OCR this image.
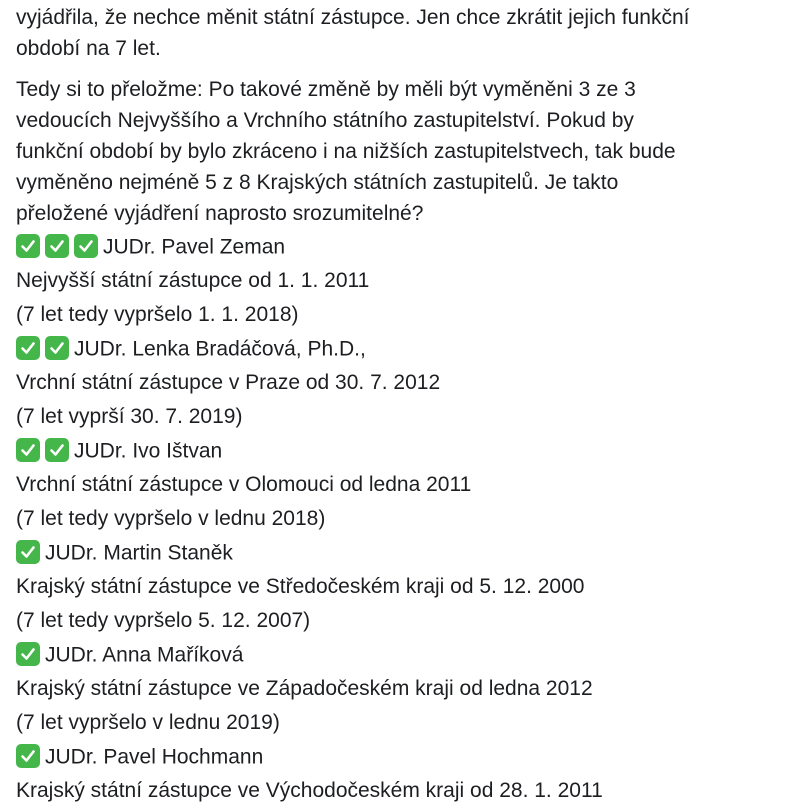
vyjádřila, že nechce měnit státní zástupce. Jen chce zkrátit jejich funkční
období na 7 let.
Tedy si to přeložme: Po takové změně by měli být vyměněni 3 ze 3
vedoucích Nejvyššího a Vrchního státního zastupitelství. Pokud by
funkční období by bylo zkráceno i na nižších zastupitelstvech, tak bude
vyměněno nejméně 5 z 8 Krajských státních zastupitelů. Je takto
přeložené vyjádření naprosto srozumitelné?
JUDr. Pavel Zeman
Nejvyšší státní zástupce od 1. 1. 2011
(7 let tedy vypršelo 1. 1. 2018)
JUDr. Lenka Bradáčová, Ph.D.,
Vrchní státní zástupce v Praze od 30. 7. 2012
(7 let vyprší 30. 7. 2019)
JUDr. Ivo Ištvan
Vrchní státní zástupce v Olomouci od ledna 2011
(7 let tedy vypršelo v lednu 2018)
JUDr. Martin Staněk
Krajský státní zástupce ve Středočeském kraji od 5. 12. 2000
(7 let tedy vypršelo 5. 12. 2007)
JUDr. Anna Maříková
Krajský státní zástupce ve Západočeském kraji od ledna 2012
(7 let vypršelo v lednu 2019)
JUDr. Pavel Hochmann
Krajský státní zástupce ve Východočeském kraji od 28. 1. 2011
